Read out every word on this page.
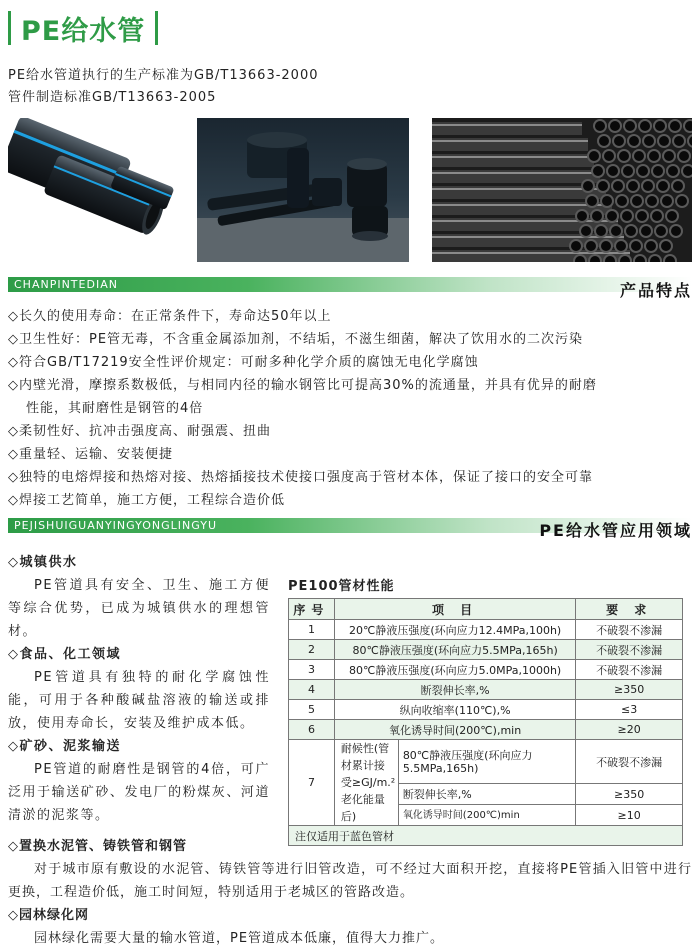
PE给水管
PE给水管道执行的生产标准为GB/T13663-2000
管件制造标准GB/T13663-2005
CHANPINTEDIAN	产品特点
◇长久的使用寿命：在正常条件下，寿命达50年以上
◇卫生性好：PE管无毒，不含重金属添加剂，不结垢，不滋生细菌，解决了饮用水的二次污染
◇符合GB/T17219安全性评价规定：可耐多种化学介质的腐蚀无电化学腐蚀
◇内壁光滑，摩擦系数极低，与相同内径的输水钢管比可提高30%的流通量，并具有优异的耐磨
性能，其耐磨性是钢管的4倍
◇柔韧性好、抗冲击强度高、耐强震、扭曲
◇重量轻、运输、安装便捷
◇独特的电熔焊接和热熔对接、热熔插接技术使接口强度高于管材本体，保证了接口的安全可靠
◇焊接工艺简单，施工方便，工程综合造价低
PEJISHUIGUANYINGYONGLINGYU	PE给水管应用领域
◇城镇供水
PE管道具有安全、卫生、施工方便等综合优势，已成为城镇供水的理想管材。
◇食品、化工领域
PE管道具有独特的耐化学腐蚀性能，可用于各种酸碱盐溶液的输送或排放，使用寿命长，安装及维护成本低。
◇矿砂、泥浆输送
PE管道的耐磨性是钢管的4倍，可广泛用于输送矿砂、发电厂的粉煤灰、河道清淤的泥浆等。
PE100管材性能
序号	项 目		要 求
1	20℃静液压强度(环向应力12.4MPa,100h)		不破裂不渗漏
2	80℃静液压强度(环向应力5.5MPa,165h)		不破裂不渗漏
3	80℃静液压强度(环向应力5.0MPa,1000h)		不破裂不渗漏
4	断裂伸长率,%		≥350
5	纵向收缩率(110℃),%		≤3
6	氧化诱导时间(200℃),min		≥20
7	耐候性(管材累计接受≥GJ/m.²老化能量后)	80℃静液压强度(环向应力5.5MPa,165h)	不破裂不渗漏
		断裂伸长率,%	≥350
		氧化诱导时间(200℃)min	≥10
注仅适用于蓝色管材			
◇置换水泥管、铸铁管和钢管
对于城市原有敷设的水泥管、铸铁管等进行旧管改造，可不经过大面积开挖，直接将PE管插入旧管中进行更换，工程造价低，施工时间短，特别适用于老城区的管路改造。
◇园林绿化网
园林绿化需要大量的输水管道，PE管道成本低廉，值得大力推广。
